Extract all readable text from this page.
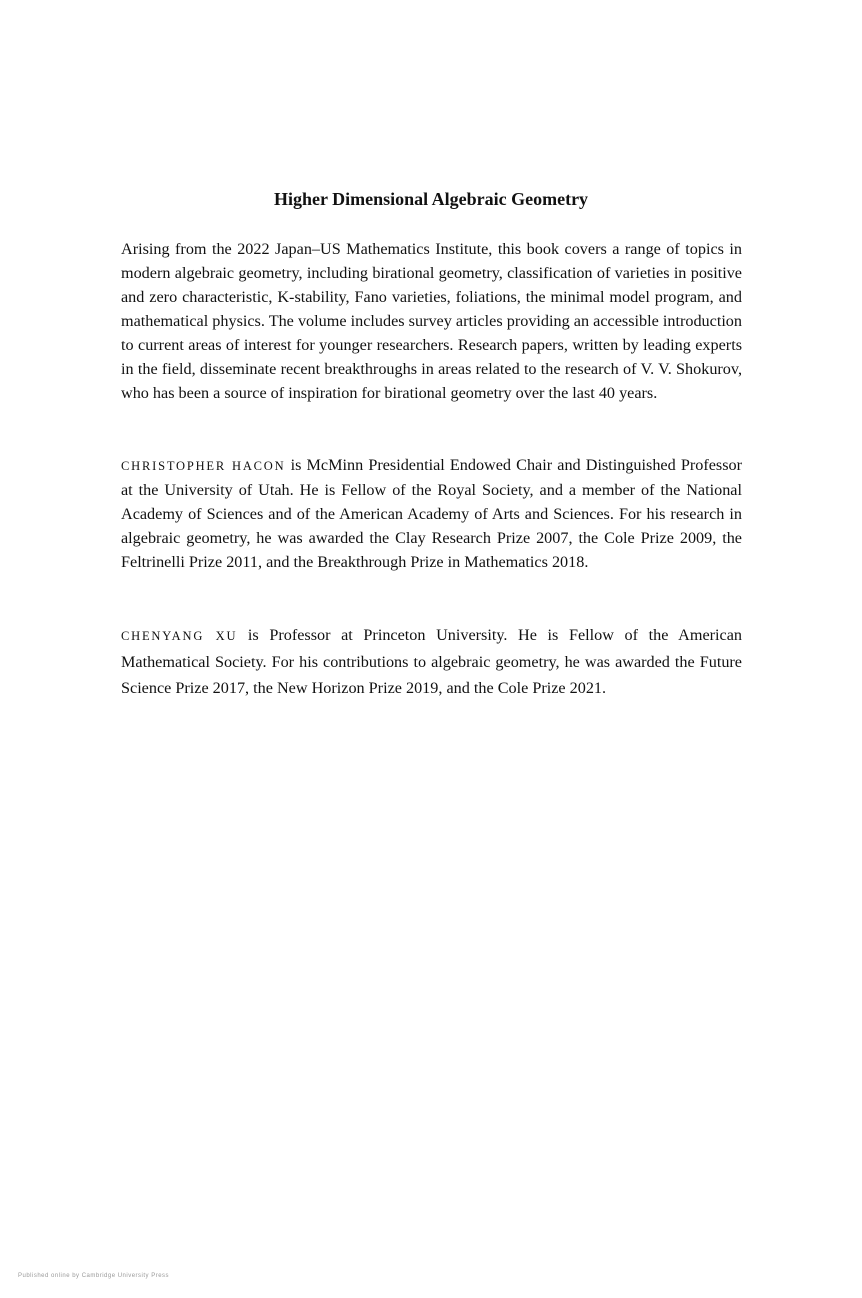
Higher Dimensional Algebraic Geometry

Arising from the 2022 Japan–US Mathematics Institute, this book covers a range of topics in modern algebraic geometry, including birational geometry, classification of varieties in positive and zero characteristic, K-stability, Fano varieties, foliations, the minimal model program, and mathematical physics. The volume includes survey articles providing an accessible introduction to current areas of interest for younger researchers. Research papers, written by leading experts in the field, disseminate recent breakthroughs in areas related to the research of V. V. Shokurov, who has been a source of inspiration for birational geometry over the last 40 years.

CHRISTOPHER HACON is McMinn Presidential Endowed Chair and Distinguished Professor at the University of Utah. He is Fellow of the Royal Society, and a member of the National Academy of Sciences and of the American Academy of Arts and Sciences. For his research in algebraic geometry, he was awarded the Clay Research Prize 2007, the Cole Prize 2009, the Feltrinelli Prize 2011, and the Breakthrough Prize in Mathematics 2018.

CHENYANG XU is Professor at Princeton University. He is Fellow of the American Mathematical Society. For his contributions to algebraic geometry, he was awarded the Future Science Prize 2017, the New Horizon Prize 2019, and the Cole Prize 2021.

Published online by Cambridge University Press
